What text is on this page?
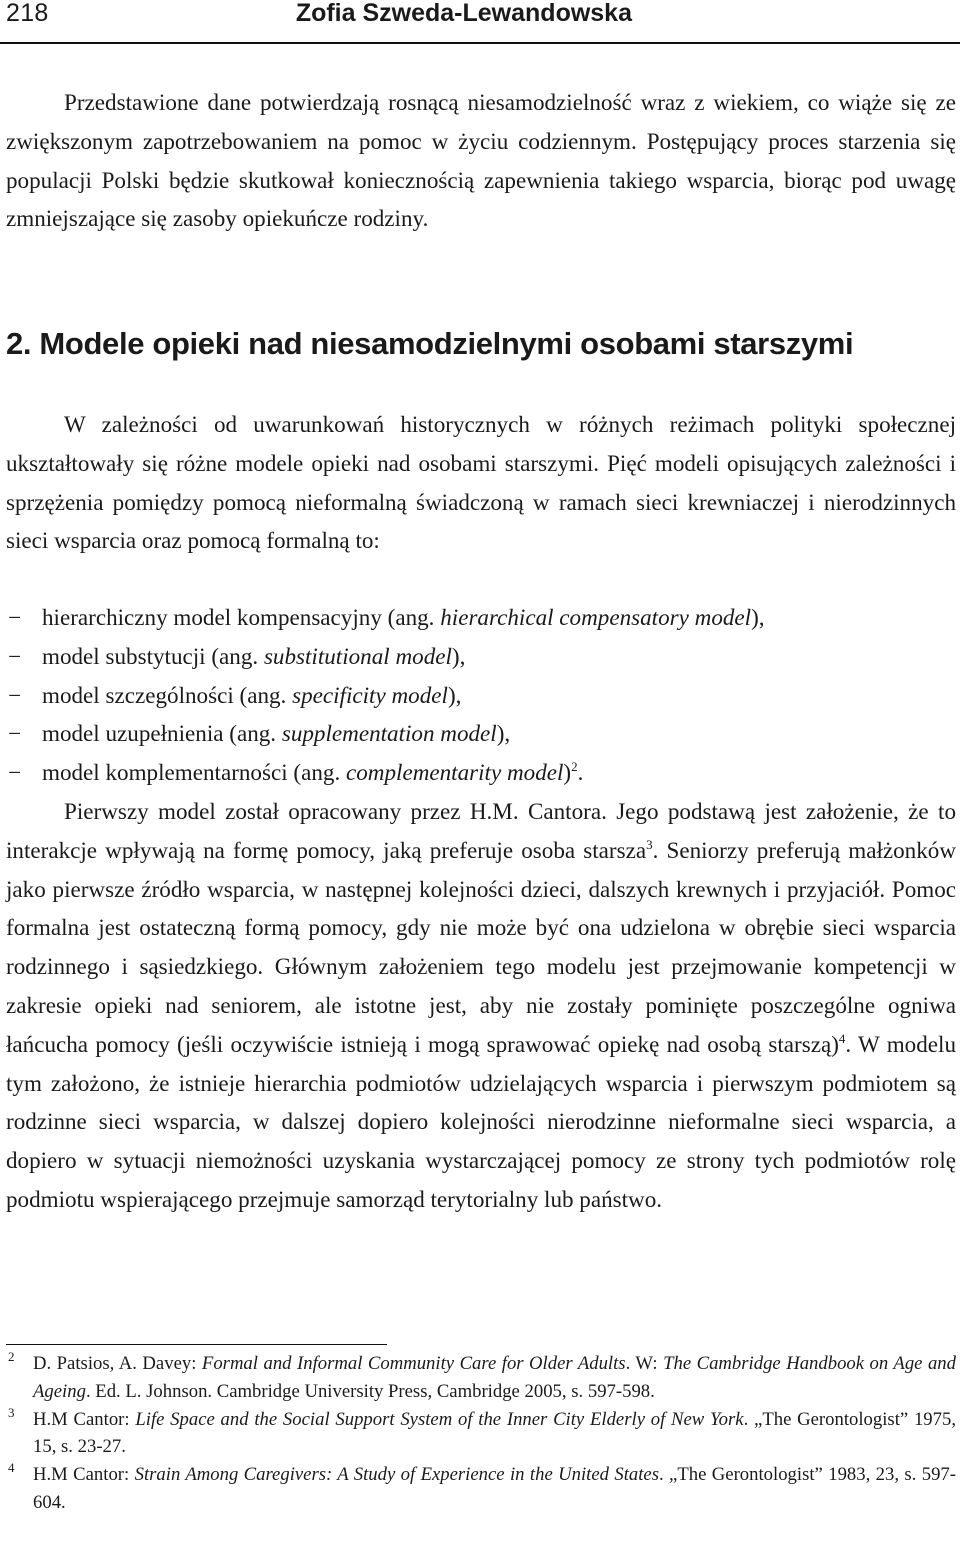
218	Zofia Szweda-Lewandowska

Przedstawione dane potwierdzają rosnącą niesamodzielność wraz z wiekiem, co wiąże się ze zwiększonym zapotrzebowaniem na pomoc w życiu codziennym. Postępujący proces starzenia się populacji Polski będzie skutkował koniecznością zapewnienia takiego wsparcia, biorąc pod uwagę zmniejszające się zasoby opiekuńcze rodziny.

2. Modele opieki nad niesamodzielnymi osobami starszymi

W zależności od uwarunkowań historycznych w różnych reżimach polityki społecznej ukształtowały się różne modele opieki nad osobami starszymi. Pięć modeli opisujących zależności i sprzężenia pomiędzy pomocą nieformalną świadczoną w ramach sieci krewniaczej i nierodzinnych sieci wsparcia oraz pomocą formalną to:

− hierarchiczny model kompensacyjny (ang. hierarchical compensatory model),
− model substytucji (ang. substitutional model),
− model szczególności (ang. specificity model),
− model uzupełnienia (ang. supplementation model),
− model komplementarności (ang. complementarity model)$^2$.

Pierwszy model został opracowany przez H.M. Cantora. Jego podstawą jest założenie, że to interakcje wpływają na formę pomocy, jaką preferuje osoba starsza$^3$. Seniorzy preferują małżonków jako pierwsze źródło wsparcia, w następnej kolejności dzieci, dalszych krewnych i przyjaciół. Pomoc formalna jest ostateczną formą pomocy, gdy nie może być ona udzielona w obrębie sieci wsparcia rodzinnego i sąsiedzkiego. Głównym założeniem tego modelu jest przejmowanie kompetencji w zakresie opieki nad seniorem, ale istotne jest, aby nie zostały pominięte poszczególne ogniwa łańcucha pomocy (jeśli oczywiście istnieją i mogą sprawować opiekę nad osobą starszą)$^4$. W modelu tym założono, że istnieje hierarchia podmiotów udzielających wsparcia i pierwszym podmiotem są rodzinne sieci wsparcia, w dalszej dopiero kolejności nierodzinne nieformalne sieci wsparcia, a dopiero w sytuacji niemożności uzyskania wystarczającej pomocy ze strony tych podmiotów rolę podmiotu wspierającego przejmuje samorząd terytorialny lub państwo.

2 D. Patsios, A. Davey: Formal and Informal Community Care for Older Adults. W: The Cambridge Handbook on Age and Ageing. Ed. L. Johnson. Cambridge University Press, Cambridge 2005, s. 597-598.
3 H.M Cantor: Life Space and the Social Support System of the Inner City Elderly of New York. „The Gerontologist” 1975, 15, s. 23-27.
4 H.M Cantor: Strain Among Caregivers: A Study of Experience in the United States. „The Gerontologist” 1983, 23, s. 597-604.
